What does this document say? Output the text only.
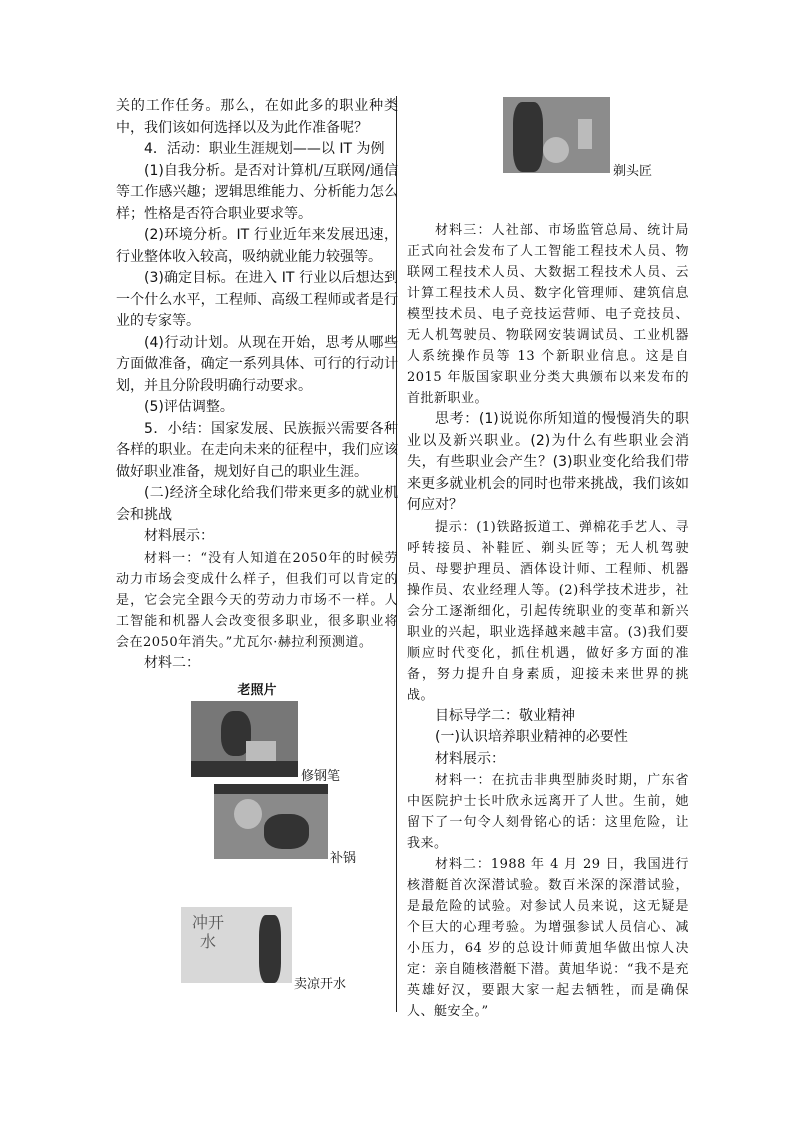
关的工作任务。那么，在如此多的职业种类中，我们该如何选择以及为此作准备呢？

4．活动：职业生涯规划——以 IT 为例

(1)自我分析。是否对计算机/互联网/通信等工作感兴趣；逻辑思维能力、分析能力怎么样；性格是否符合职业要求等。

(2)环境分析。IT 行业近年来发展迅速，行业整体收入较高，吸纳就业能力较强等。

(3)确定目标。在进入 IT 行业以后想达到一个什么水平，工程师、高级工程师或者是行业的专家等。

(4)行动计划。从现在开始，思考从哪些方面做准备，确定一系列具体、可行的行动计划，并且分阶段明确行动要求。

(5)评估调整。

5．小结：国家发展、民族振兴需要各种各样的职业。在走向未来的征程中，我们应该做好职业准备，规划好自己的职业生涯。

(二)经济全球化给我们带来更多的就业机会和挑战

材料展示：

材料一：“没有人知道在2050年的时候劳动力市场会变成什么样子，但我们可以肯定的是，它会完全跟今天的劳动力市场不一样。人工智能和机器人会改变很多职业，很多职业将会在2050年消失。”尤瓦尔·赫拉利预测道。

材料二：

老照片
修钢笔
补锅
冲开水
卖凉开水
剃头匠

材料三：人社部、市场监管总局、统计局正式向社会发布了人工智能工程技术人员、物联网工程技术人员、大数据工程技术人员、云计算工程技术人员、数字化管理师、建筑信息模型技术员、电子竞技运营师、电子竞技员、无人机驾驶员、物联网安装调试员、工业机器人系统操作员等 13 个新职业信息。这是自 2015 年版国家职业分类大典颁布以来发布的首批新职业。

思考：(1)说说你所知道的慢慢消失的职业以及新兴职业。(2)为什么有些职业会消失，有些职业会产生？(3)职业变化给我们带来更多就业机会的同时也带来挑战，我们该如何应对？

提示：(1)铁路扳道工、弹棉花手艺人、寻呼转接员、补鞋匠、剃头匠等；无人机驾驶员、母婴护理员、酒体设计师、工程师、机器操作员、农业经理人等。(2)科学技术进步，社会分工逐渐细化，引起传统职业的变革和新兴职业的兴起，职业选择越来越丰富。(3)我们要顺应时代变化，抓住机遇，做好多方面的准备，努力提升自身素质，迎接未来世界的挑战。

目标导学二：敬业精神

(一)认识培养职业精神的必要性

材料展示：

材料一：在抗击非典型肺炎时期，广东省中医院护士长叶欣永远离开了人世。生前，她留下了一句令人刻骨铭心的话：这里危险，让我来。

材料二：1988 年 4 月 29 日，我国进行核潜艇首次深潜试验。数百米深的深潜试验，是最危险的试验。对参试人员来说，这无疑是个巨大的心理考验。为增强参试人员信心、减小压力，64 岁的总设计师黄旭华做出惊人决定：亲自随核潜艇下潜。黄旭华说：“我不是充英雄好汉，要跟大家一起去牺牲，而是确保人、艇安全。”
